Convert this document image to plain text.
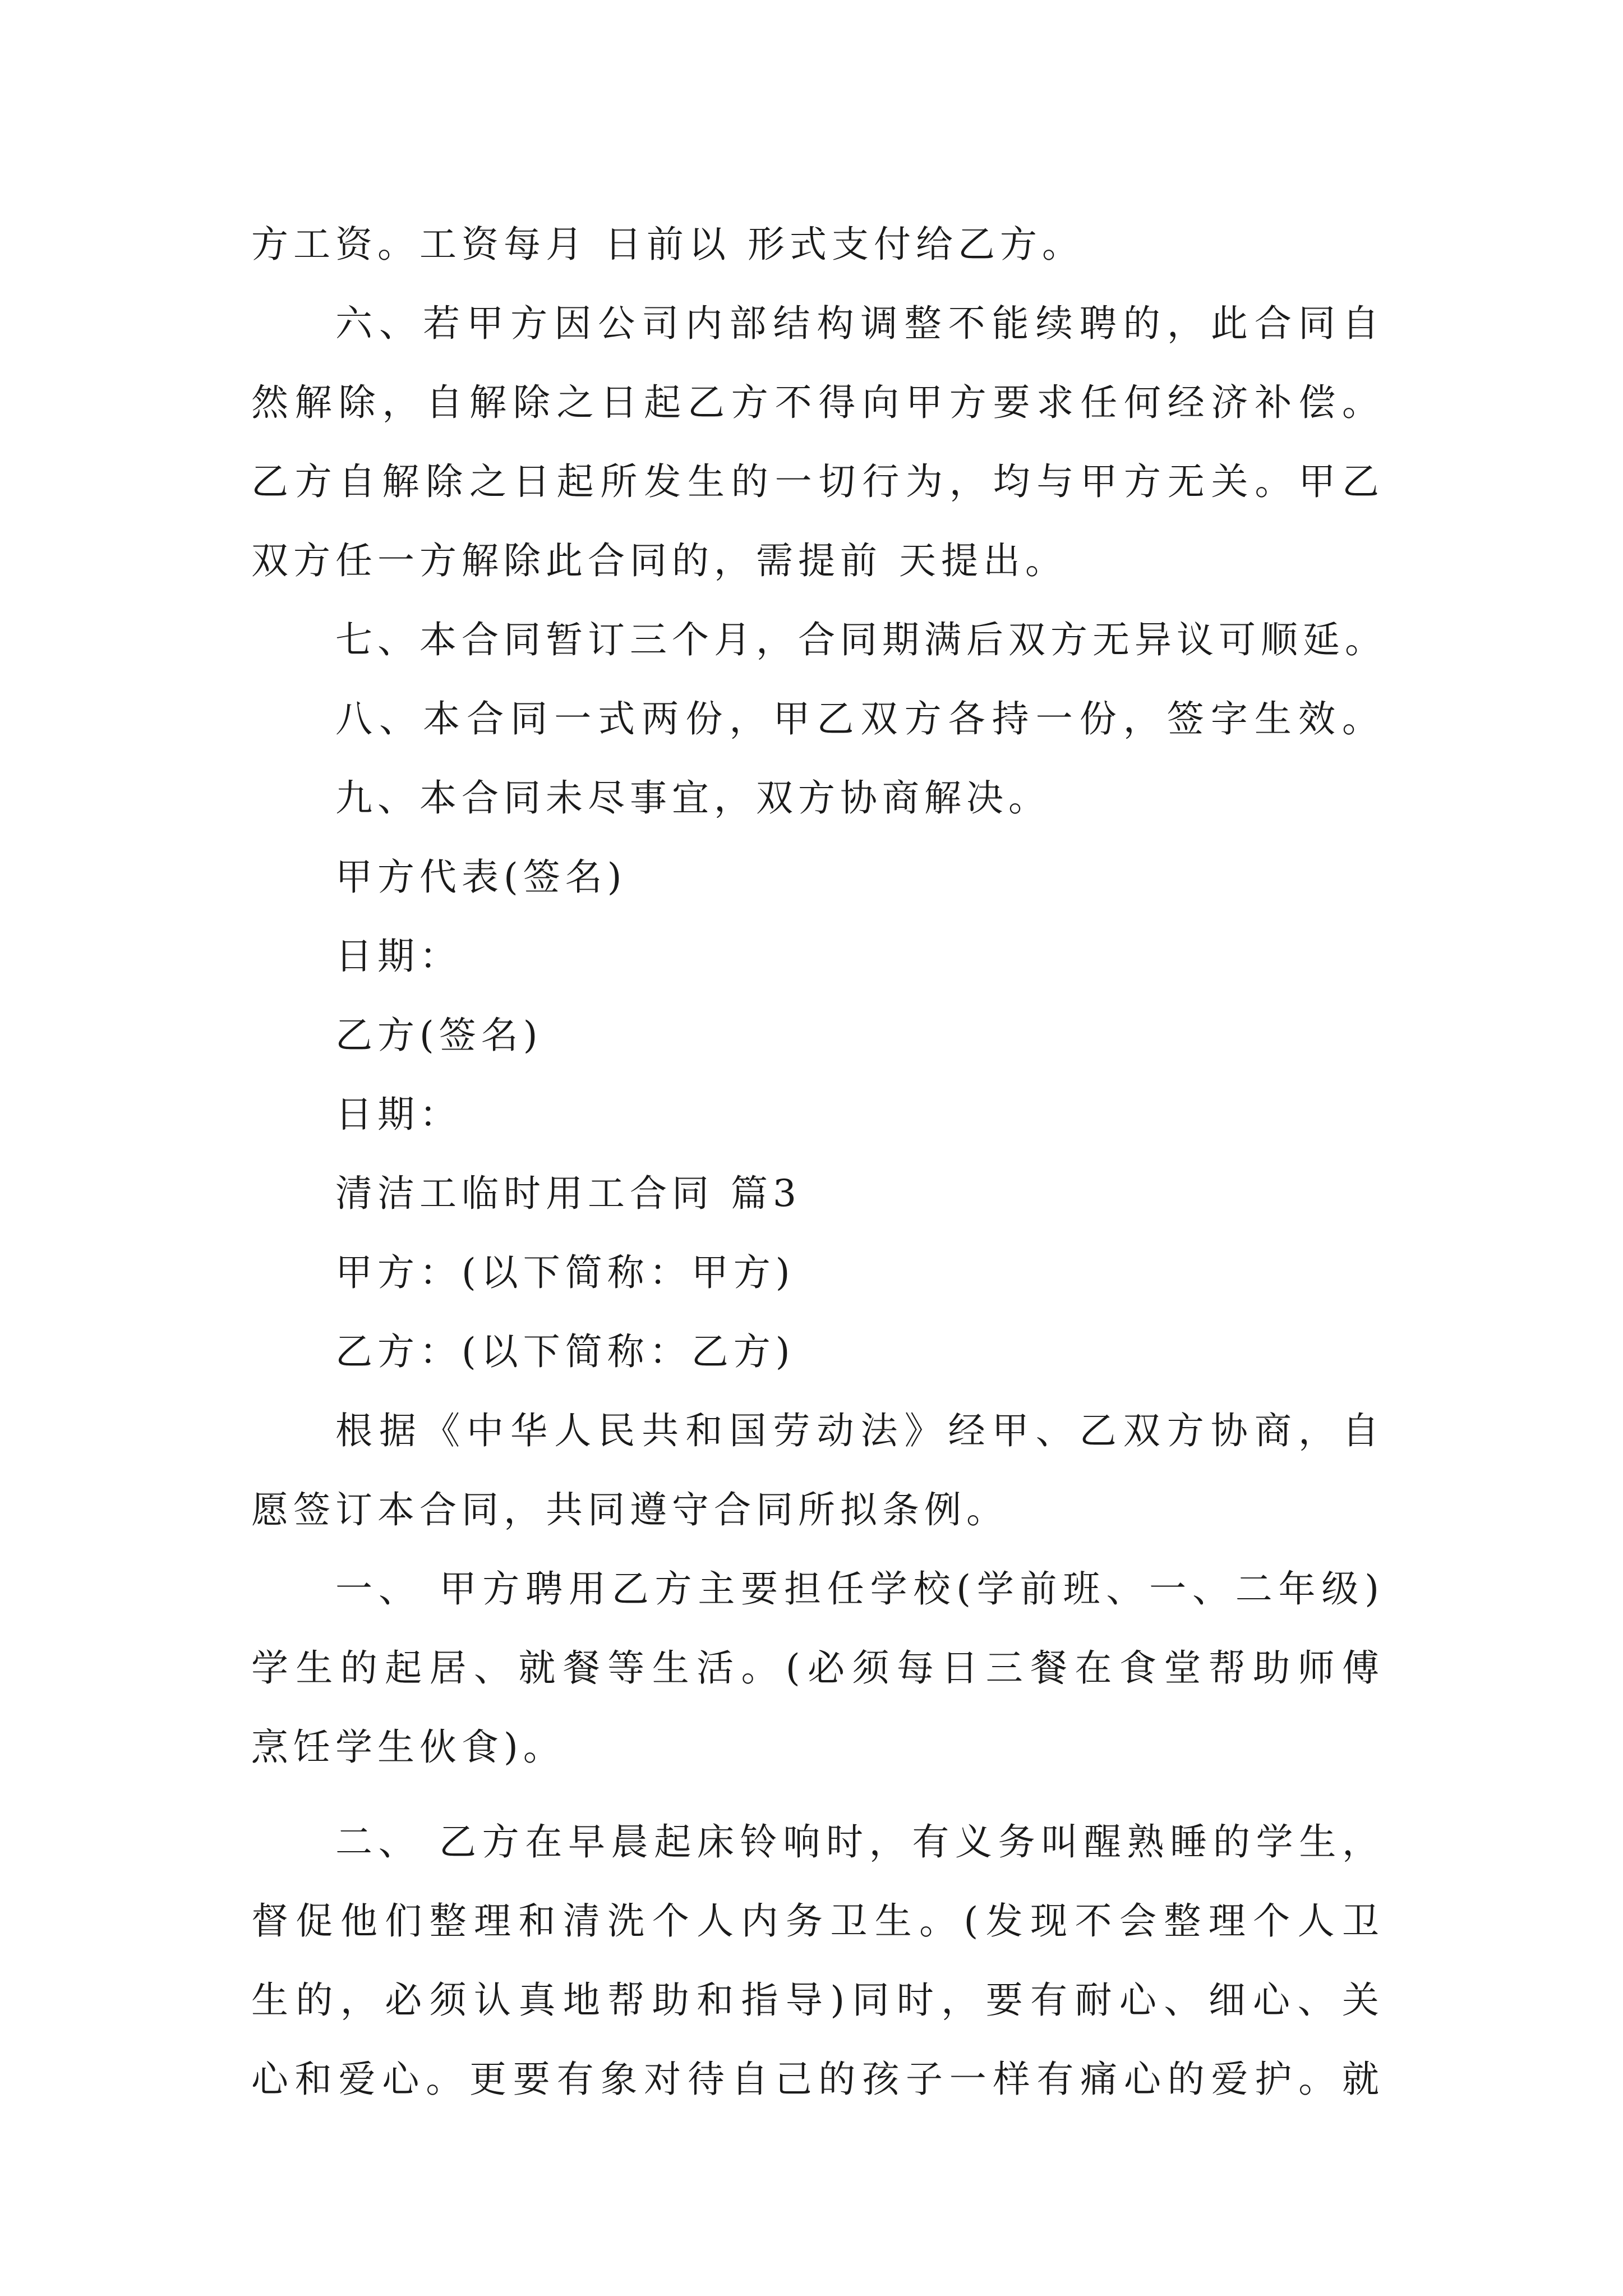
方工资。工资每月 日前以 形式支付给乙方。
六、若甲方因公司内部结构调整不能续聘的，此合同自
然解除，自解除之日起乙方不得向甲方要求任何经济补偿。
乙方自解除之日起所发生的一切行为，均与甲方无关。甲乙
双方任一方解除此合同的，需提前 天提出。
七、本合同暂订三个月，合同期满后双方无异议可顺延。
八、本合同一式两份，甲乙双方各持一份，签字生效。
九、本合同未尽事宜，双方协商解决。
甲方代表(签名)
日期：
乙方(签名)
日期：
清洁工临时用工合同 篇3
甲方：(以下简称：甲方)
乙方：(以下简称：乙方)
根据《中华人民共和国劳动法》经甲、乙双方协商，自
愿签订本合同，共同遵守合同所拟条例。
一、 甲方聘用乙方主要担任学校(学前班、一、二年级)
学生的起居、就餐等生活。(必须每日三餐在食堂帮助师傅
烹饪学生伙食)。
二、 乙方在早晨起床铃响时，有义务叫醒熟睡的学生，
督促他们整理和清洗个人内务卫生。(发现不会整理个人卫
生的，必须认真地帮助和指导)同时，要有耐心、细心、关
心和爱心。更要有象对待自己的孩子一样有痛心的爱护。就
